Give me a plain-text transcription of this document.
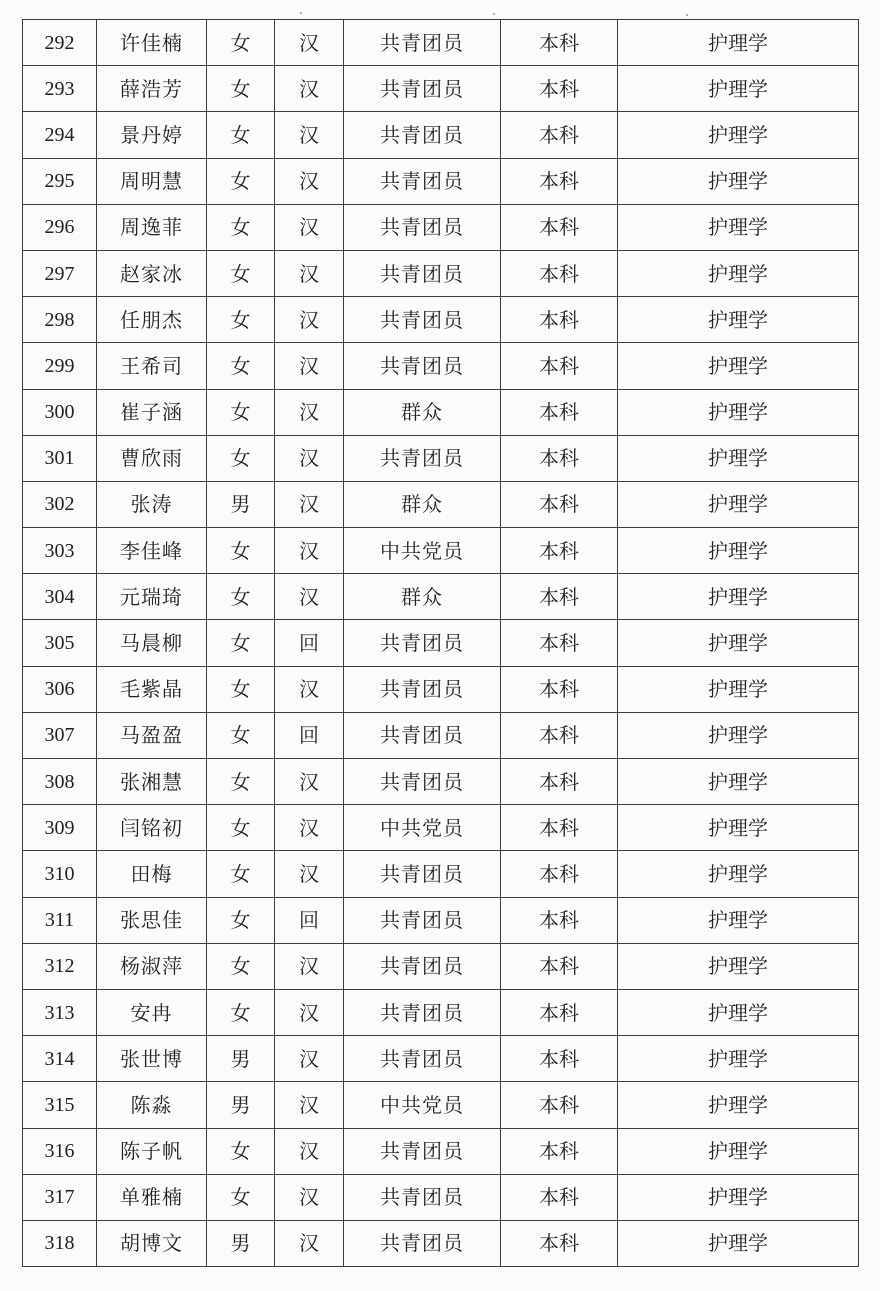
292	许佳楠	女	汉	共青团员	本科	护理学
293	薛浩芳	女	汉	共青团员	本科	护理学
294	景丹婷	女	汉	共青团员	本科	护理学
295	周明慧	女	汉	共青团员	本科	护理学
296	周逸菲	女	汉	共青团员	本科	护理学
297	赵家冰	女	汉	共青团员	本科	护理学
298	任朋杰	女	汉	共青团员	本科	护理学
299	王希司	女	汉	共青团员	本科	护理学
300	崔子涵	女	汉	群众	本科	护理学
301	曹欣雨	女	汉	共青团员	本科	护理学
302	张涛	男	汉	群众	本科	护理学
303	李佳峰	女	汉	中共党员	本科	护理学
304	元瑞琦	女	汉	群众	本科	护理学
305	马晨柳	女	回	共青团员	本科	护理学
306	毛紫晶	女	汉	共青团员	本科	护理学
307	马盈盈	女	回	共青团员	本科	护理学
308	张湘慧	女	汉	共青团员	本科	护理学
309	闫铭初	女	汉	中共党员	本科	护理学
310	田梅	女	汉	共青团员	本科	护理学
311	张思佳	女	回	共青团员	本科	护理学
312	杨淑萍	女	汉	共青团员	本科	护理学
313	安冉	女	汉	共青团员	本科	护理学
314	张世博	男	汉	共青团员	本科	护理学
315	陈淼	男	汉	中共党员	本科	护理学
316	陈子帆	女	汉	共青团员	本科	护理学
317	单雅楠	女	汉	共青团员	本科	护理学
318	胡博文	男	汉	共青团员	本科	护理学
